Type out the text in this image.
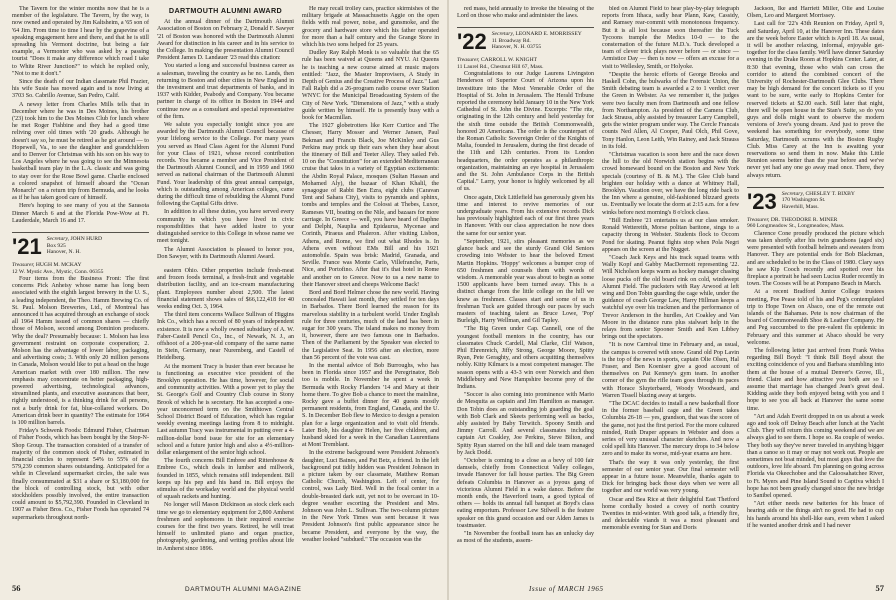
The Tavern for the winter months now that he is a member of the legislature. The Tavern, by the way, is now owned and operated by Jim Kaltsheim, a '65 son of '64 Jim. From time to time I hear by the grapevine of a speaking engagement here and there, and that he is still spreading his Vermont doctrine, but being a fair example, a Vermonter who was asked by a passing tourist "Does it make any difference which road I take to White River Junction?" to which he replied only, "Not to me it don't."

Since the death of our Indian classmate Phil Frazier, his wife Susie has moved again and is now living at 3703 So. Cabrillo Avenue, San Pedro, Calif.

A newsy letter from Charles Mills tells that in December where he was in Des Moines, his brother ('23) took him to the Des Moines Club for lunch where he met Roger Fishbine and they had a good time reliving over old times with '20 grads. Although he doesn't say so, he must be retired as he got around — to Hopewell, Va., to see the daughter and grandchildren and to Denver for Christmas with his son on his way to Los Angeles where he was going to see the Minnesota basketball team play in the L.A. classic and was going to stay over for the Rose Bowl game. Charlie enclosed a colored snapshot of himself aboard the "Ocean Monarch" on a return trip from Bermuda, and he looks as if he has taken good care of himself.

Here's hoping to see many of you at the Sarasota Dinner March 6 and at the Florida Pow-Wow at Ft. Lauderdale, March 16 and 17.

'21 Secretary, JOHN HURD
Box 925
Hanover, N. H.

Treasurer, HUGH M. MCKAY
12 W. Mystic Ave., Mystic, Conn. 06355

Four items from the Business Front: The first concerns Pick Anheisy whose name has long been associated with the eighth largest brewery in the U. S., a leading independent, the Theo. Hamm Brewing Co. of St. Paul. Molson Breweries, Ltd., of Montreal has announced it has acquired through an exchange of stock all 1964 Hamm issued of common shares — chiefly those of Molson, second among Dominion producers. Why the deal? Presumably because: 1. Molson has less government restraint on corporate cooperation; 2. Molson has the advantage of lower labor, packaging, and advertising costs; 3. With only 20 million persons in Canada, Molson would like to put a head on the huge American market with over 180 million. The new emphasis may concentrate on better packaging, high-powered advertising, technological advances, streamlined plants, and executive assurances that beer, rightly understood, is a thinking drink for all persons, not a burly drink for fat, blue-collared workers. Do American drink beer in quantity? The estimate for 1964 is 100 million barrels.

Friday's Schwenk Foods: Edmund Fisher, Chairman of Fisher Foods, which has been bought by the Stop-N-Shop Group. The transaction consisted of a transfer of majority of the common stock of Fisher, estimated in financial circles to represent 54% to 55% of the 579,239 common shares outstanding. Anticipated for a while in Cleveland supermarket circles, the sale was finally consummated at $31 a share or $3,180,000 for the block of controlling stock, but with other stockholders possibly involved, the entire transaction could amount to $5,792,390. Founded in Cleveland in 1907 as Fisher Bros. Co., Fisher Foods has operated 74 supermarkets throughout north-

DARTMOUTH ALUMNI AWARD

At the annual dinner of the Dartmouth Alumni Association of Boston on February 2, Donald F. Sawyer '21 of Boston was honored with the Dartmouth Alumni Award for distinction in his career and in his service to the College. In making the presentation Alumni Council President James D. Landauer '23 read this citation:

You started a long and successful business career as a salesman, traveling the country as he no. Lands, then returning to Boston and other cities in New England in the investment and trust departments of banks, and in 1937 with Kidder, Peabody and Company. You became partner in charge of its office in Boston in 1944 and continue now as a consultant and special representative of the firm.

We salute you especially tonight since you are awarded by the Dartmouth Alumni Council because of your lifelong service to the College. For many years you served as Head Class Agent for the Alumni Fund for your Class of 1921, whose record contribution records. You became a member and Vice President of the Dartmouth Alumni Council, and in 1959 and 1960 served as national chairman of the Dartmouth Alumni Fund. Your leadership of this great annual campaign, which is outstanding among American colleges, came during the difficult time of rebuilding the Alumni Fund following the Capital Gifts drive.

In addition to all these duties, you have served every community in which you have lived in civic responsibilities that have added lustre to your distinguished service to this College in whose name we meet tonight.

The Alumni Association is pleased to honor you, Don Sawyer, with its Dartmouth Alumni Award.

eastern Ohio. Other properties include fresh-meat and frozen foods terminal, a fresh-fruit and vegetable distribution facility, and an ice-cream manufacturing plant. Employees number about 2,500. The latest financial statement shows sales of $66,122,418 for 40 weeks ending Oct. 3, 1964.

The third item concerns Wallace Sullivan of Higgins Ink Co., which has a record of 80 years of independent existence. It is now a wholly owned subsidiary of A. W. Faber-Castell Pencil Co., Inc., of Newark, N. J., an offshoot of a 200-year-old company of the same name in Stein, Germany, near Nuremberg, and Castell of Heidelberg.

At the moment Tracy is busier than ever because he is functioning as executive vice president of the Brooklyn operation. He has time, however, for social and community activities. With a power yet to play the St. George's Golf and Country Club course in Stony Brook of which he is secretary. He has accepted a one-year unconcerned term on the Smithtown Central School District Board of Education, which has regular weekly evening meetings lasting from 8 to midnight. Last autumn Tracy was instrumental in putting over a 4-million-dollar bond issue for site for an elementary school and a future junior high and also a 4½-million-dollar enlargement of the senior high school.

The fourth concerns Bill Embree and Rittenhouse & Embree Co., which deals in lumber and millwork, founded in 1855, which remains still independent. Bill keeps up his pep and his hand in. Bill enjoys the stimulus of the workaday world and the physical world of squash rackets and hunting.

No longer will Mason Dickinson as stock clerk each time we go to elementary equipment for 2,800 Amherst freshmen and sophomores in their required exercise courses for the first two years. Retired, he will treat himself to unlimited piano and organ practice, photography, gardening, and writing profiles about life in Amherst since 1896.

He may recall trolley cars, practice skirmishes of the military brigade at Massachusetts Aggie on the open fields with real power, noise, and gunsmoke, and the grocery and hardware store which his father operated for more than a half century and the Grange Store in which his two sons helped for 25 years.

Dudley Ray Ralph Monk is so valuable that the 65 rule has been waived at Queens and NYU. At Queens he is teaching a new course aimed at music majors entitled: "Jazz, the Master Improvisers, A Study in Depth of Genius and the Creative Process of Jazz." Last Fall Ralph did a 26-program radio course over Station WNYC for the Municipal Broadcasting System of the City of New York. "Dimensions of Jazz," with a study guide written by himself. He is presently busy with a book for Macmillan.

The 1927 globetrotters like Kerr Curtice and The Chesser, Harry Mosser and Werner Jansen, Paul Bekman and Francis Black, Joe McKinley and Gus Perkins may prick up their ears when they hear about the itinerary of Bill and Teeter Alley. They sailed Feb. 10 on the "Constitution" for an extended Mediterranean cruise that takes in a variety of Egyptian excitements: the Abdin Royal Palace, mosques (Sultan Hassan and Mohamed Aly), the bazaar of Khan Khalil, the synagogue of Rabbi Ben Ezra, eight clubs (Caravan Tent and Sahara City), visits to pyramids and sphinx, tombs and temples and the Colossi at Thebes, Luxor, Rameses VII, boating on the Nile, and bazaars for more carriage. In Greece — well, you have heard of Daphne and Delphi, Nauplia and Epidaurus, Mycenae and Corinth, Piraeus and Phaleron. After visiting Lisbon, Athens, and Rome, we find out what Rhodes is. In Athens even without EMs Bill and his 1921 automobile. Spain was brisk: Madrid, Granada, and Seville. France was Monte Carlo, Villefranche, Paris, Nice, and Portofino. After that it's that hotel in Rome and another on to Greece. Now to us a new name to their Hanover street and cheeps Welcome Back!

Bord and Bord Helmer chose the new world. Having concealed Hawaii last month, they settled for ten days in Barbados. There Bord learned the reason for its marvelous stability in a turbulent world. Under English rule for three centuries, much of the land has been in sugar for 300 years. The island makes no money from it, however, there are two famous one in Barbados. Then of the Parliament by the Speaker was elected to the Legislative Seat. In 1956 after an election, more than 56 percent of the vote was cast.

In the mental advice of Bob Burroughs, who has been in Florida since 1957 and the Peregrinator, Bob too is mobile. In November he spent a week in Bermuda with Rocky Flanders '14 and Mary at their home there. To give Bob a chance to meet the mainline, Rocky gave a buffet dinner for 40 guests mostly permanent residents, from England, Canada, and the U. S. In December Bob flew to Mexico to design a pension plan for a large organization and to visit old friends. Later Bob, his daughter Helen, her five children, and husband skied for a week in the Canadian Laurentians at Mont Tremblant.

In the extreme background were President Johnson's daughter, Luci Baines, and Pat Betz, a friend. In the left background put tidily hidden was President Johnson in a picture taken by our classmate, Matthew Roman Catholic Church, Washington. Left of center, for control, was Lady Bird. Well in the focal center in a double-breasted dark suit, yet not to be overcast in 10-degree weather escorting the President and Mrs. Johnson was John L. Sullivan. The two-column picture in the New York Times was sent because it was President Johnson's first public appearance since he became President, and everyone by the way, the weather looked "subdued." The occasion was the

56	DARTMOUTH ALUMNI MAGAZINE

red mass, held annually to invoke the blessing of the Lord on those who make and administer the laws.

'22 Secretary, LEONARD E. MORRISSEY
11 Broadway Rd.
Hanover, N. H. 03755

Treasurer, CARROLL W. KNIGHT
11 Laurel Rd., Chestnut Hill 67, Mass.

Congratulations to our Judge Laurens Livingston Henderson of Superior Court of Arizona upon his investiture into the Most Venerable Order of the Hospital of St. John in Jerusalem. The Herald Tribune reported the ceremony held January 10 in the New York Cathedral of St. John the Divine. Excerpts: "The rite, originating in the 12th century and held yesterday for the sixth time outside the British Commonwealth, honored 20 Americans. The order is the counterpart of the Roman Catholic Sovereign Order of the Knights of Malta, founded in Jerusalem, during the first decade of the 11th and 12th centuries. From its London headquarters, the order operates as a philanthropic organization, maintaining an eye hospital in Jerusalem and the St. John Ambulance Corps in the British Capital." Larry, your honor is highly welcomed by all of us.

Once again, Dick Littlefield has generously given his time and interest to revive memories of our undergraduate years. From his extensive records Dick has previously highlighted each of our first three years in Hanover. With our class appreciation he now does the same for our senior year.

"September, 1921, stirs pleasant memories as we glance back and see the sturdy Grand Old Seniors crowding into Webster to hear the beloved Ernest Martin Hopkins. 'Hoppy' welcomes a bumper crop of 650 freshmen and counsels them with words of wisdom. A memorable year was about to begin as some 1500 applicants have been turned away. This is a distinct change from the little college on the hill we knew as freshmen. Classes start and some of us in freshman Tuck are guided through our paces by such masters of teaching talent as Bruce Lowe, 'Pop' Burleigh, Harry Wellman, and Gil Tapley.

"The Big Green under Cap. Cannell, one of the youngest football mentors in the country, has our classmates Chuck Cardell, Mal Clarke, Clif Watson, Phil Ehrenreich, Jiffy Strong, George Moore, Spitty Ryan, Pete Geraghty, and others acquitting themselves nobly. Kitty Kilmarx is a most competent manager. The season opens with a 43-3 win over Norwich and then Middlebury and New Hampshire become prey of the Indians.

"Soccer is also coming into prominence with Mario de Mesquita as captain and Jim Hamilton as manager. Don Tobin does an outstanding job guarding the goal with Bob Clark and Skeets performing well as backs, ably assisted by Baby Terwitch. Spoony Smith and Jimmy Carroll. And several classmates including captain Art Coakley, Joe Perkins, Steve Bilton, and Spitty Ryan starred on the hill and dale team managed by Jack Dodd.

"October is coming to a close as a bevy of 100 fair damsels, chiefly from Connecticut Valley colleges, invade Hanover for fall house parties. The Big Green defeats Columbia in Hanover as a joyous gang of victorious Alumni Field in a wake dance. Before the month ends, the Haverford team, a good typical of others — holds its annual fall banquet at Boyd's class eating emporium. Professor Lew Stilwell is the feature speaker on this grand occasion and our Alden James is toastmaster.

"In November the football team has an unlucky day as most of the students, assem-

bled on Alumni Field to hear play-by-play telegraph reports from Ithaca, sadly hear Plann, Kaw, Cassidy, and Ramsey rear-commit with monotonous frequency. But it is all lost because soon thereafter the Tuck Tycoons trample the Medics 10-0 — to the consternation of the future M.D.'s. Tuck developed a team of clever trick plays never before — or since — Armistice Day — then is now — offers an excuse for a visit to Wellesley, Smith, or Holyoke.

"Despite the heroic efforts of George Brooks and Haskell Cohn, the bulwarks of the Forensic Union, the Smith debating team is awarded a 2 to 1 verdict over the Green in Webster. As we remember it, the judges were two faculty men from Dartmouth and one fellow from Northampton. As president of the Camera Club, Jack Strauss, ably assisted by treasurer Larry Campbell, gets the winter program under way. The Cercle Francais counts Ned Allen, Al Cooper, Paul Olch, Phil Gove, Tony Hanlon, Leon Leith, Win Rainey, and Jack Strauss in its fold.

"Christmas vacation is soon here and the race down the hill to the old Norwich station begins with the crowd homeward bound on the Boston and New York specials (courtesy of B. & M.). The Glee Club band brighten our holiday with a dance at Whitney Hall, Brooklyn. Vacation over, we have the long ride back to the Inn where a genuine, old-fashioned blizzard greets us. Eventually we locate the dorm at 2:15 a.m. for a few winks before next morning's 8 o'clock class.

"Bill Embree '21 entertains us at our class smoker. Ronald Wettereith, Morse politan baritone, sings to a capacity throng in Webster. Students flock to Occom Pond for skating. Peanut fights stop when Pola Negri appears on the screen at the Nugget.

"Coach Jack Keys and his track squad teams with Wally Kopf and Gabby MacDermott representing '22. Will Nicholson keeps warm as hockey manager chasing loose pucks off the old board rink on cold, windswept Alumni Field. The pucksters with Ray Arwood at left wing and Don Tobin guarding the cage while, under the guidance of coach George Law, Harry Hillman keeps a watchful eye over his trackmen and the performance of Trevor Anderson in the hurdles, Art Coakley and Van Moore in the distance runs plus stalwart help in the relays from senior Spooner Smith and Ken Libbey brings out the spectators.

"It is now Carnival time in February and, as usual, the campus is covered with snow. Grand old Pop Lavin is the top of the news in sports, captain Olie Olsen, Hal Fraser, and Ben Koeniser give a good account of themselves on Pat Kenney's gym team. In another corner of the gym the rifle team goes through its paces with Horace Sluyterbaerd, Woody Woodward, and Warren Tissell blazing away at targets.

"The DCAC decides to install a new basketball floor in the former baseball cage and the Green takes Columbia 26-18 — yes, grandson, that was the score of the game, not just the first period. For the more cultured minded, Ruth Draper appears in Webster and does a series of very unusual character sketches. And now a cold spell hits Hanover. The mercury drops to 34 below zero and to make its worse, mid-year exams are here.

That's the way it was only yesterday, the first semester of our senior year. Our final semester will appear in a future issue. Meanwhile, thanks again to Dick for bringing back those days when we were all together and our world was very young.

Oscar and Bea Rice at their delightful East Thetford home cordially hosted a covey of north country Twenties in mid-winter. With good talk, a friendly fire, and delectable viands it was a most pleasant and memorable evening for Stan and Doris

Jackson, Ike and Harriett Miller, Olie and Louise Olsen, Leo and Margaret Morrissey.

Last call for '22's 43th Reunion on Friday, April 9, and Saturday, April 10, at the Hanover Inn. These dates are the week before Easter which is April 18. As usual, it will be another relaxing, informal, enjoyable get-together for the class family. We'll have dinner Saturday evening in the Drake Room at Hopkins Center. Later, at 8:30 that evening, those who wish can cross the corridor to attend the combined concert of the University of Rochester-Dartmouth Glee Clubs. There may be high demand for the concert tickets so if you want to be sure, write early to Hopkins Center for reserved tickets at $2.00 each. Still later that night, there will be open house in the Stan's Suite, so do you guys and dolls might want to observe the modern versions of Jove's young dream. And just to prove the weekend has something for everybody, some time Saturday, Dartmouth scrums with the Boston Rugby Club. Miss Carey at the Inn is awaiting your reservations so send them in now. Make this Little Reunion seems better than the year before and we've never yet had any one go away mad once. There, they always return.

'23 Secretary, CHESLEY T. BIXBY
170 Washington St.
Haverhill, Mass.

Treasurer, DR. THEODORE R. MINER
960 Longmeadow St., Longmeadow, Mass.

Clarence Cone proudly produced the picture which was taken shortly after his twin grandsons (aged six) were presented with football helmets and sweaters from Hanover. They are potential ends for Bob Blackman, and are scheduled to be in the Class of 1980. Clary says he saw Kip Cooch recently and spotted over his fireplace a portrait he had seen Lucius Ruder recently in town. The Cooses will be at Pompano Beach in March.

At a recent Bradford Junior College trustees meeting, Poe Pease told of his and Peg's contemplated trip to Hope Town on Abaco, one of the remote out islands of the Bahamas. Pete is now chairman of the board of Commonwealth Shoe & Leather Company. He and Peg succumbed to the pre-valent flu epidemic in February and this summer at Abaco should be very welcome.

The following letter just arrived from Frank Weiss regarding Bill Boyd: "I think Bill Boyd about the exciting coincidence of you and Barbara stumbling into them at the house of a mutual Denver's Grove, Ill., friend. Claire and how attractive you both are so I assume that marriage has changed Jean's great deal. Kidding aside they both enjoyed being with you and I hope to see you all back at Hanover the same some time.

"Art and Adah Everit dropped in on us about a week ago and took off Delray Beach after lunch at the Yacht Club. They will return this coming weekend and we are always glad to see them. I hope so. Ra couple of weeks. They both say they've never traveled in anything bigger than a canoe so it may or may not work out. People are sometimes not boat minded, but most guys that love the outdoors, love life aboard. I'm planning on going across Florida via Okeechobee and the Caloosahatchee River, to Ft. Myers and Pine Island Sound to Captiva which I hope has not been greatly changed since the new bridge to Sanibel opened.

"Art either needs new batteries for his brace of hearing aids or the things ain't no good. He had to cup his hands around his shell-like ears, even when I asked if he wanted another drink and I had never

Issue of MARCH 1965	57
